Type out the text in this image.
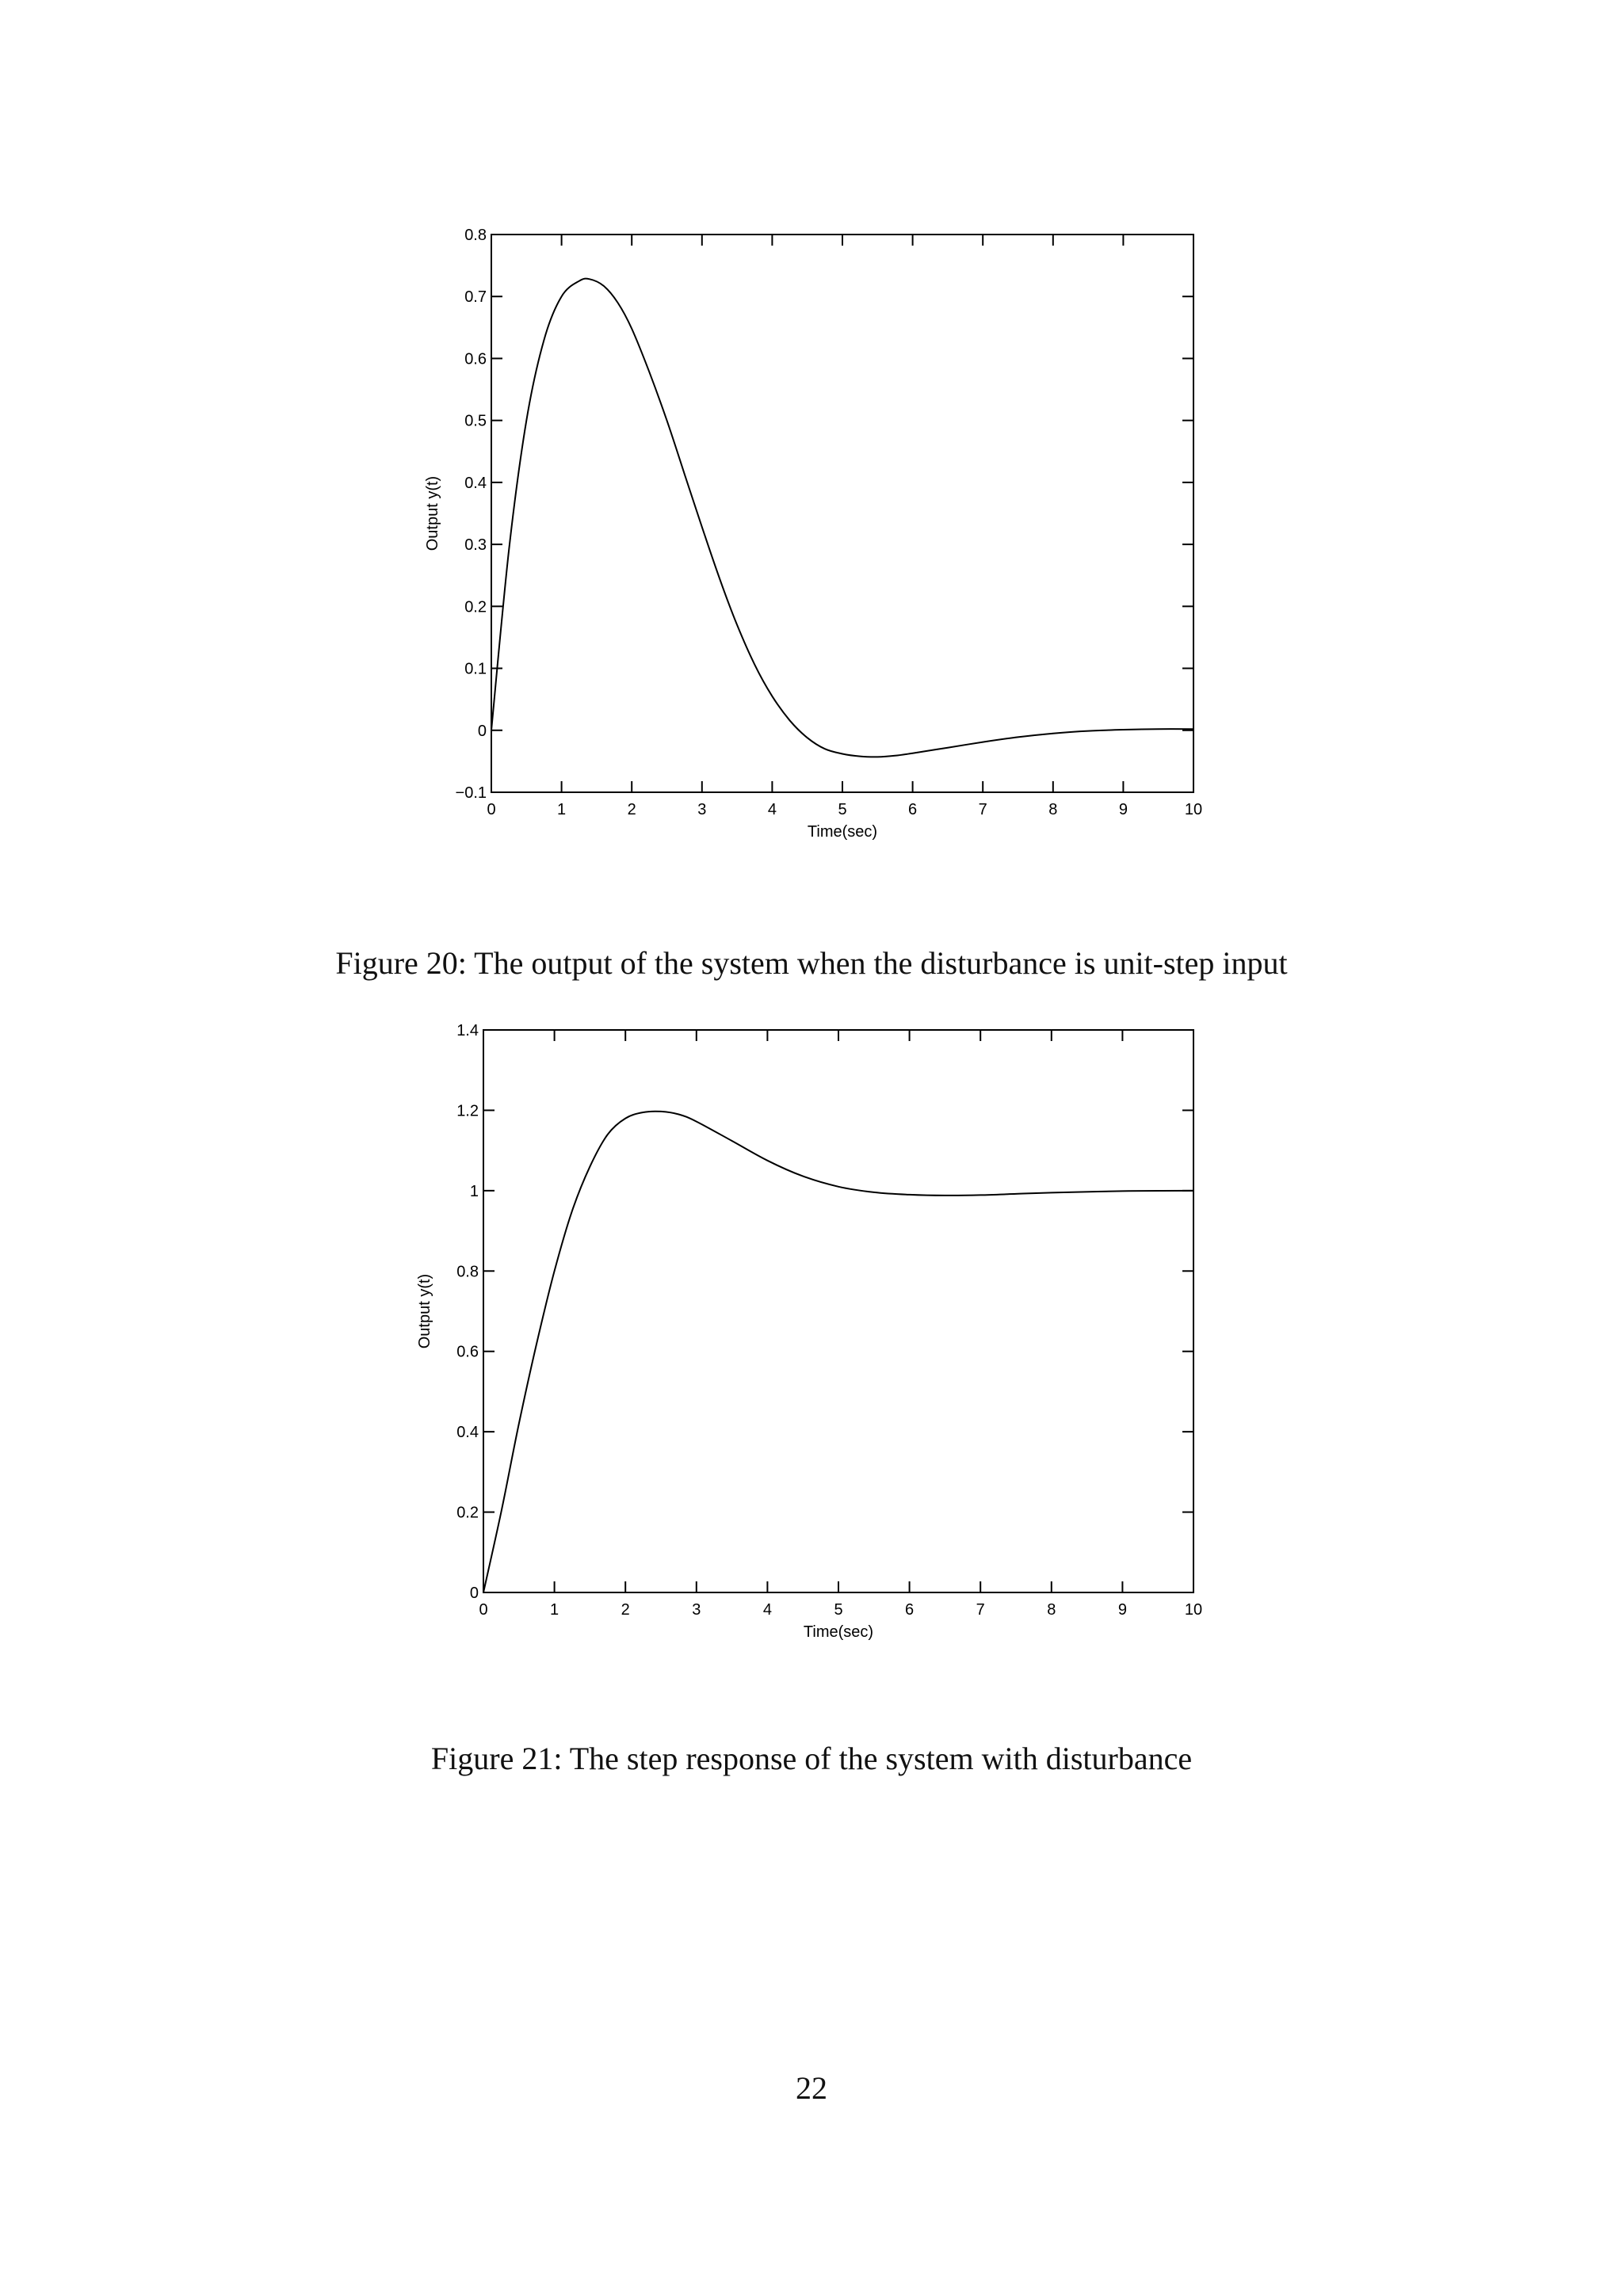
0	1	2	3	4	5	6	7	8	9	10
−0.1
0
0.1
0.2
0.3
0.4
0.5
0.6
0.7
0.8
Time(sec)
Output y(t)

Figure 20: The output of the system when the disturbance is unit-step input

0	1	2	3	4	5	6	7	8	9	10
0
0.2
0.4
0.6
0.8
1
1.2
1.4
Time(sec)
Output y(t)

Figure 21: The step response of the system with disturbance

22
